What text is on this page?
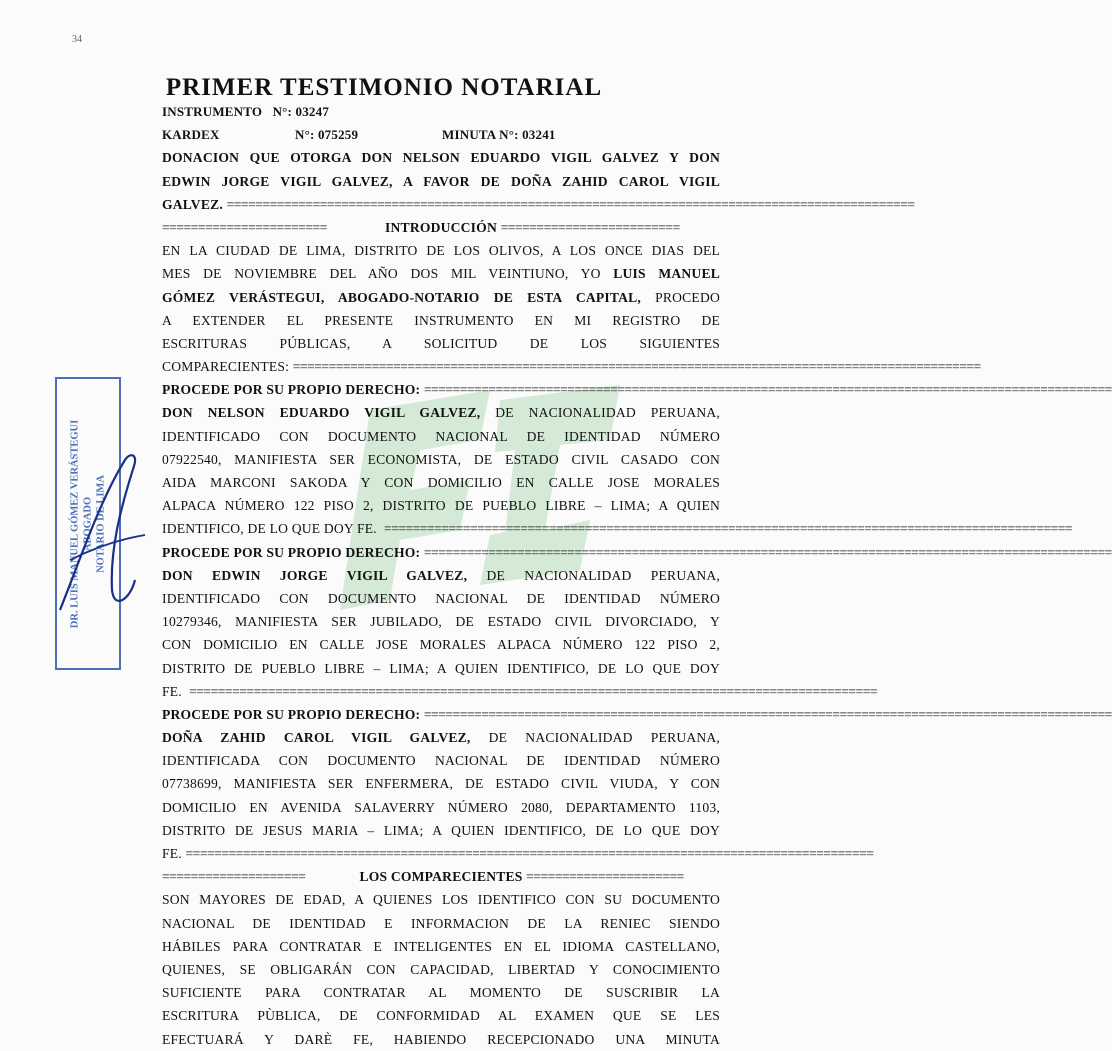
34
PRIMER TESTIMONIO NOTARIAL
DR. LUIS MANUEL GÓMEZ VERÁSTEGUI ABOGADO NOTARIO DE LIMA
INSTRUMENTO N°: 03247
KARDEX	N°: 075259	MINUTA N°: 03241
DONACION QUE OTORGA DON NELSON EDUARDO VIGIL GALVEZ Y DON
EDWIN JORGE VIGIL GALVEZ, A FAVOR DE DOÑA ZAHID CAROL VIGIL
GALVEZ.
================================================================================================
=======================
	INTRODUCCIÓN
=========================
EN LA CIUDAD DE LIMA, DISTRITO DE LOS OLIVOS, A LOS ONCE DIAS DEL
MES DE NOVIEMBRE DEL AÑO DOS MIL VEINTIUNO, YO LUIS MANUEL
GÓMEZ VERÁSTEGUI, ABOGADO-NOTARIO DE ESTA CAPITAL, PROCEDO
A EXTENDER EL PRESENTE INSTRUMENTO EN MI REGISTRO DE
ESCRITURAS PÚBLICAS, A SOLICITUD DE LOS SIGUIENTES
COMPARECIENTES:
================================================================================================
PROCEDE POR SU PROPIO DERECHO:
================================================================================================
DON NELSON EDUARDO VIGIL GALVEZ, DE NACIONALIDAD PERUANA,
IDENTIFICADO CON DOCUMENTO NACIONAL DE IDENTIDAD NÚMERO
07922540, MANIFIESTA SER ECONOMISTA, DE ESTADO CIVIL CASADO CON
AIDA MARCONI SAKODA Y CON DOMICILIO EN CALLE JOSE MORALES
ALPACA NÚMERO 122 PISO 2, DISTRITO DE PUEBLO LIBRE – LIMA; A QUIEN
IDENTIFICO, DE LO QUE DOY FE.
================================================================================================
PROCEDE POR SU PROPIO DERECHO:
================================================================================================
DON EDWIN JORGE VIGIL GALVEZ, DE NACIONALIDAD PERUANA,
IDENTIFICADO CON DOCUMENTO NACIONAL DE IDENTIDAD NÚMERO
10279346, MANIFIESTA SER JUBILADO, DE ESTADO CIVIL DIVORCIADO, Y
CON DOMICILIO EN CALLE JOSE MORALES ALPACA NÚMERO 122 PISO 2,
DISTRITO DE PUEBLO LIBRE – LIMA; A QUIEN IDENTIFICO, DE LO QUE DOY
FE.
================================================================================================
PROCEDE POR SU PROPIO DERECHO:
================================================================================================
DOÑA ZAHID CAROL VIGIL GALVEZ, DE NACIONALIDAD PERUANA,
IDENTIFICADA CON DOCUMENTO NACIONAL DE IDENTIDAD NÚMERO
07738699, MANIFIESTA SER ENFERMERA, DE ESTADO CIVIL VIUDA, Y CON
DOMICILIO EN AVENIDA SALAVERRY NÚMERO 2080, DEPARTAMENTO 1103,
DISTRITO DE JESUS MARIA – LIMA; A QUIEN IDENTIFICO, DE LO QUE DOY
FE.
================================================================================================
====================
	LOS COMPARECIENTES
======================
SON MAYORES DE EDAD, A QUIENES LOS IDENTIFICO CON SU DOCUMENTO
NACIONAL DE IDENTIDAD E INFORMACION DE LA RENIEC SIENDO
HÁBILES PARA CONTRATAR E INTELIGENTES EN EL IDIOMA CASTELLANO,
QUIENES, SE OBLIGARÁN CON CAPACIDAD, LIBERTAD Y CONOCIMIENTO
SUFICIENTE PARA CONTRATAR AL MOMENTO DE SUSCRIBIR LA
ESCRITURA PÙBLICA, DE CONFORMIDAD AL EXAMEN QUE SE LES
EFECTUARÁ Y DARÈ FE, HABIENDO RECEPCIONADO UNA MINUTA
